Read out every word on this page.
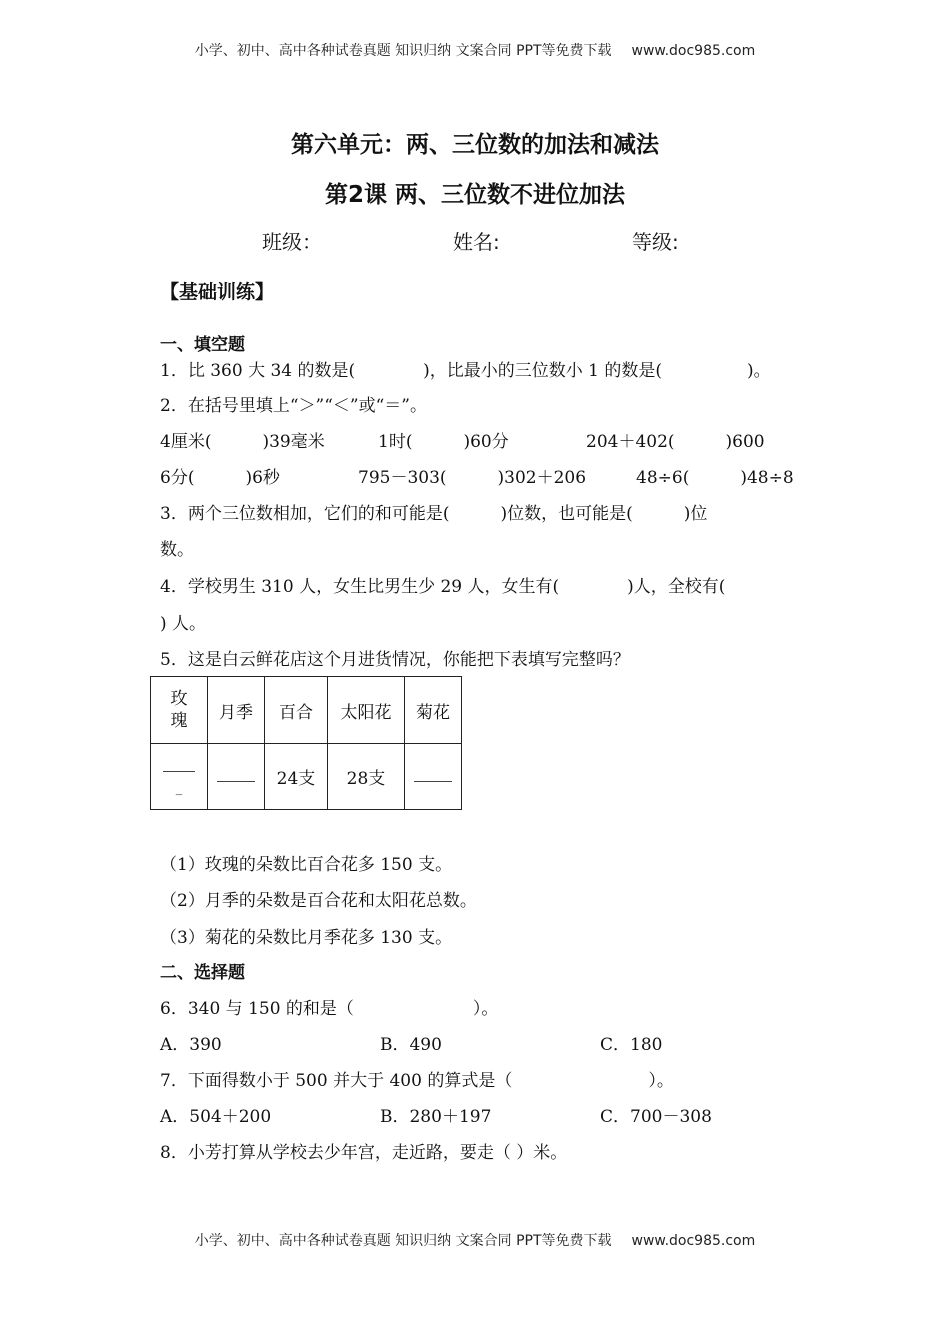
小学、初中、高中各种试卷真题 知识归纳 文案合同 PPT等免费下载 www.doc985.com
第六单元：两、三位数的加法和减法
第2课 两、三位数不进位加法
班级：	姓名:	等级:
【基础训练】
一、填空题
1．比 360 大 34 的数是(　　　　)，比最小的三位数小 1 的数是(　　　　　)。
2．在括号里填上“＞”“＜”或“＝”。
4厘米(　　　)39毫米	1时(　　　)60分	204＋402(　　　)600
6分(　　　)6秒	795－303(　　　)302＋206	48÷6(　　　)48÷8
3．两个三位数相加，它们的和可能是(　　　)位数，也可能是(　　　)位
数。
4．学校男生 310 人，女生比男生少 29 人，女生有(　　　　)人，全校有(
) 人。
5．这是白云鲜花店这个月进货情况，你能把下表填写完整吗？
玫
瑰	月季	百合	太阳花	菊花

_		24支	28支	
（1）玫瑰的朵数比百合花多 150 支。
（2）月季的朵数是百合花和太阳花总数。
（3）菊花的朵数比月季花多 130 支。
二、选择题
6．340 与 150 的和是（　　　　　　　）。
A．390	B．490	C．180
7．下面得数小于 500 并大于 400 的算式是（　　　　　　　　）。
A．504＋200	B．280＋197	C．700－308
8．小芳打算从学校去少年宫，走近路，要走（ ）米。
小学、初中、高中各种试卷真题 知识归纳 文案合同 PPT等免费下载 www.doc985.com
